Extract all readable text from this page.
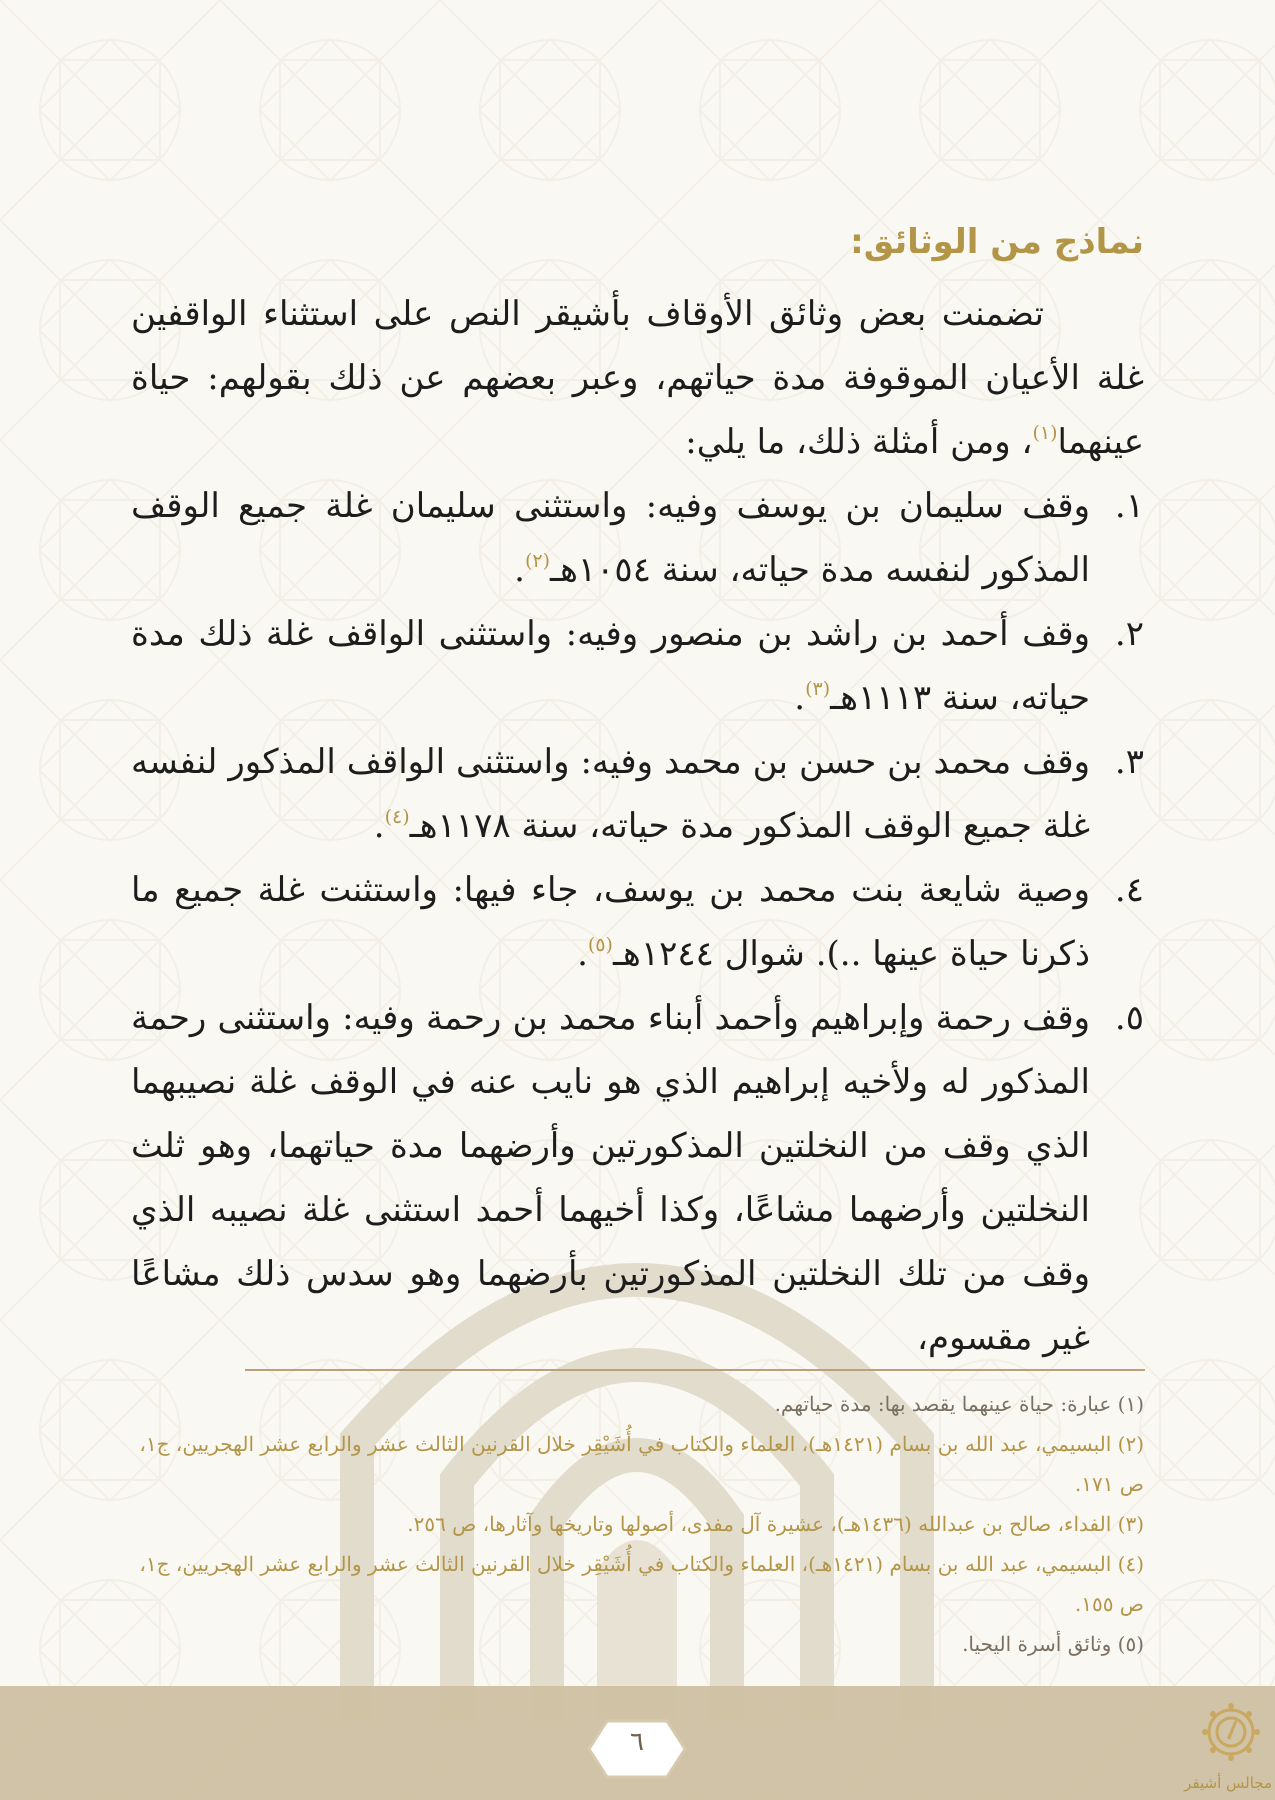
نماذج من الوثائق:

تضمنت بعض وثائق الأوقاف بأشيقر النص على استثناء الواقفين غلة الأعيان الموقوفة مدة حياتهم، وعبر بعضهم عن ذلك بقولهم: حياة عينهما$^{(١)}$، ومن أمثلة ذلك، ما يلي:

١.
وقف سليمان بن يوسف وفيه: واستثنى سليمان غلة جميع الوقف المذكور لنفسه مدة حياته، سنة ١٠٥٤هـ$^{(٢)}$.
٢.
وقف أحمد بن راشد بن منصور وفيه: واستثنى الواقف غلة ذلك مدة حياته، سنة ١١١٣هـ$^{(٣)}$.
٣.
وقف محمد بن حسن بن محمد وفيه: واستثنى الواقف المذكور لنفسه غلة جميع الوقف المذكور مدة حياته، سنة ١١٧٨هـ$^{(٤)}$.
٤.
وصية شايعة بنت محمد بن يوسف، جاء فيها: واستثنت غلة جميع ما ذكرنا حياة عينها ..). شوال ١٢٤٤هـ$^{(٥)}$.
٥.
وقف رحمة وإبراهيم وأحمد أبناء محمد بن رحمة وفيه: واستثنى رحمة المذكور له ولأخيه إبراهيم الذي هو نايب عنه في الوقف غلة نصيبهما الذي وقف من النخلتين المذكورتين وأرضهما مدة حياتهما، وهو ثلث النخلتين وأرضهما مشاعًا، وكذا أخيهما أحمد استثنى غلة نصيبه الذي وقف من تلك النخلتين المذكورتين بأرضهما وهو سدس ذلك مشاعًا غير مقسوم،

(١) عبارة: حياة عينهما يقصد بها: مدة حياتهم.

(٢) البسيمي، عبد الله بن بسام (١٤٢١هـ)، العلماء والكتاب في أُشَيْقِر خلال القرنين الثالث عشر والرابع عشر الهجريين، ج١، ص ١٧١.

(٣) الفداء، صالح بن عبدالله (١٤٣٦هـ)، عشيرة آل مفدى، أصولها وتاريخها وآثارها، ص ٢٥٦.

(٤) البسيمي، عبد الله بن بسام (١٤٢١هـ)، العلماء والكتاب في أُشَيْقِر خلال القرنين الثالث عشر والرابع عشر الهجريين، ج١، ص ١٥٥.

(٥) وثائق أسرة اليحيا.

٦
مجالس أشيقر
